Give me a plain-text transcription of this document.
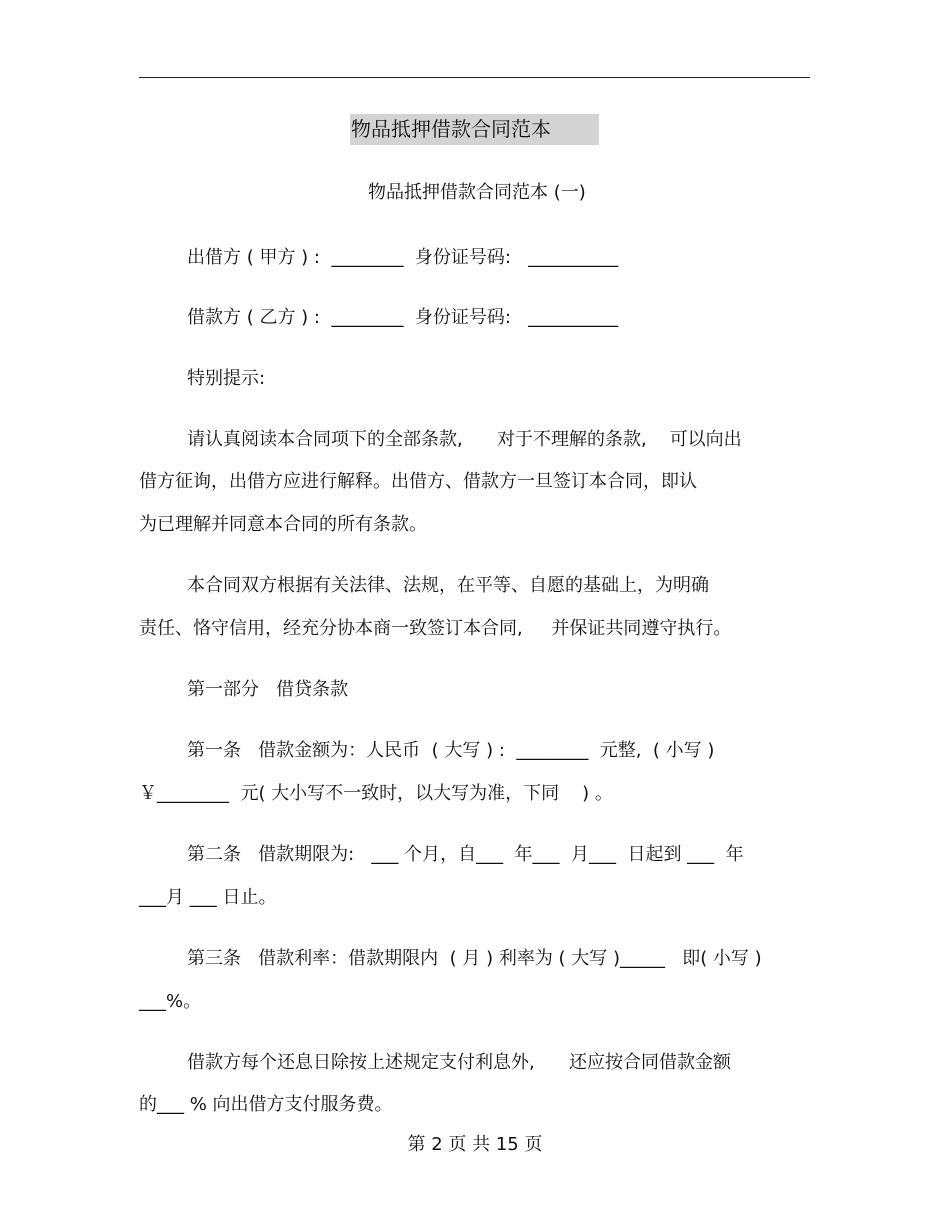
物品抵押借款合同范本
物品抵押借款合同范本 (一)
出借方 ( 甲方 ) :  ________  身份证号码:   __________
借款方 ( 乙方 ) :  ________  身份证号码:   __________
特别提示:
请认真阅读本合同项下的全部条款,      对于不理解的条款,    可以向出
借方征询，出借方应进行解释。出借方、借款方一旦签订本合同，即认
为已理解并同意本合同的所有条款。
本合同双方根据有关法律、法规，在平等、自愿的基础上，为明确
责任、恪守信用，经充分协本商一致签订本合同,     并保证共同遵守执行。
第一部分   借贷条款
第一条   借款金额为：人民币  ( 大写 ) :  ________  元整,  ( 小写 )
￥________  元( 大小写不一致时，以大写为准，下同    ) 。
第二条   借款期限为:   ___ 个月，自___  年___  月___  日起到 ___  年
___月 ___ 日止。
第三条   借款利率：借款期限内  ( 月 ) 利率为 ( 大写 )_____   即( 小写 )
___%。
借款方每个还息日除按上述规定支付利息外,      还应按合同借款金额
的___ % 向出借方支付服务费。
第 2 页 共 15 页
